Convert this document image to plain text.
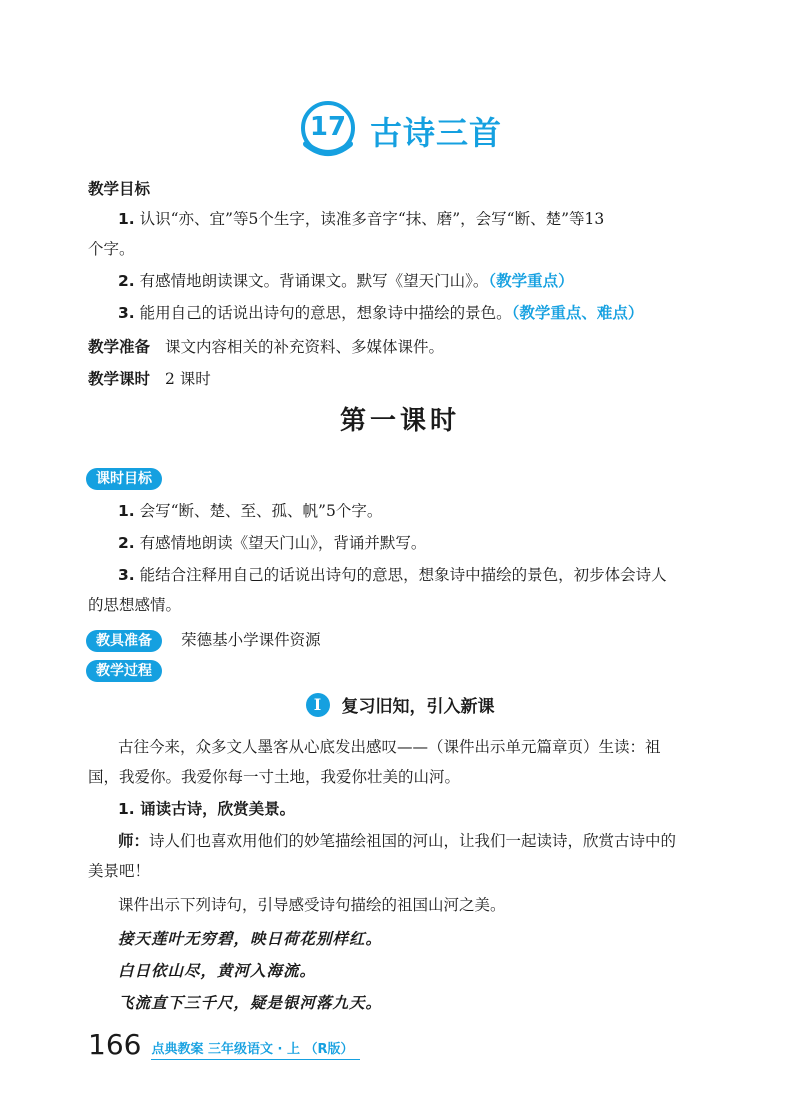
17 古诗三首
教学目标
1. 认识“亦、宜”等5个生字，读准多音字“抹、磨”，会写“断、楚”等13
个字。
2. 有感情地朗读课文。背诵课文。默写《望天门山》。（教学重点）
3. 能用自己的话说出诗句的意思，想象诗中描绘的景色。（教学重点、难点）
教学准备 课文内容相关的补充资料、多媒体课件。
教学课时 2 课时
第一课时
课时目标
1. 会写“断、楚、至、孤、帆”5个字。
2. 有感情地朗读《望天门山》，背诵并默写。
3. 能结合注释用自己的话说出诗句的意思，想象诗中描绘的景色，初步体会诗人
的思想感情。
教具准备 荣德基小学课件资源
教学过程
I	复习旧知，引入新课
古往今来，众多文人墨客从心底发出感叹——（课件出示单元篇章页）生读：祖
国，我爱你。我爱你每一寸土地，我爱你壮美的山河。
1. 诵读古诗，欣赏美景。
师：诗人们也喜欢用他们的妙笔描绘祖国的河山，让我们一起读诗，欣赏古诗中的
美景吧！
课件出示下列诗句，引导感受诗句描绘的祖国山河之美。
接天莲叶无穷碧，映日荷花别样红。
白日依山尽，黄河入海流。
飞流直下三千尺，疑是银河落九天。
166 点典教案 三年级语文 · 上 （R版）
